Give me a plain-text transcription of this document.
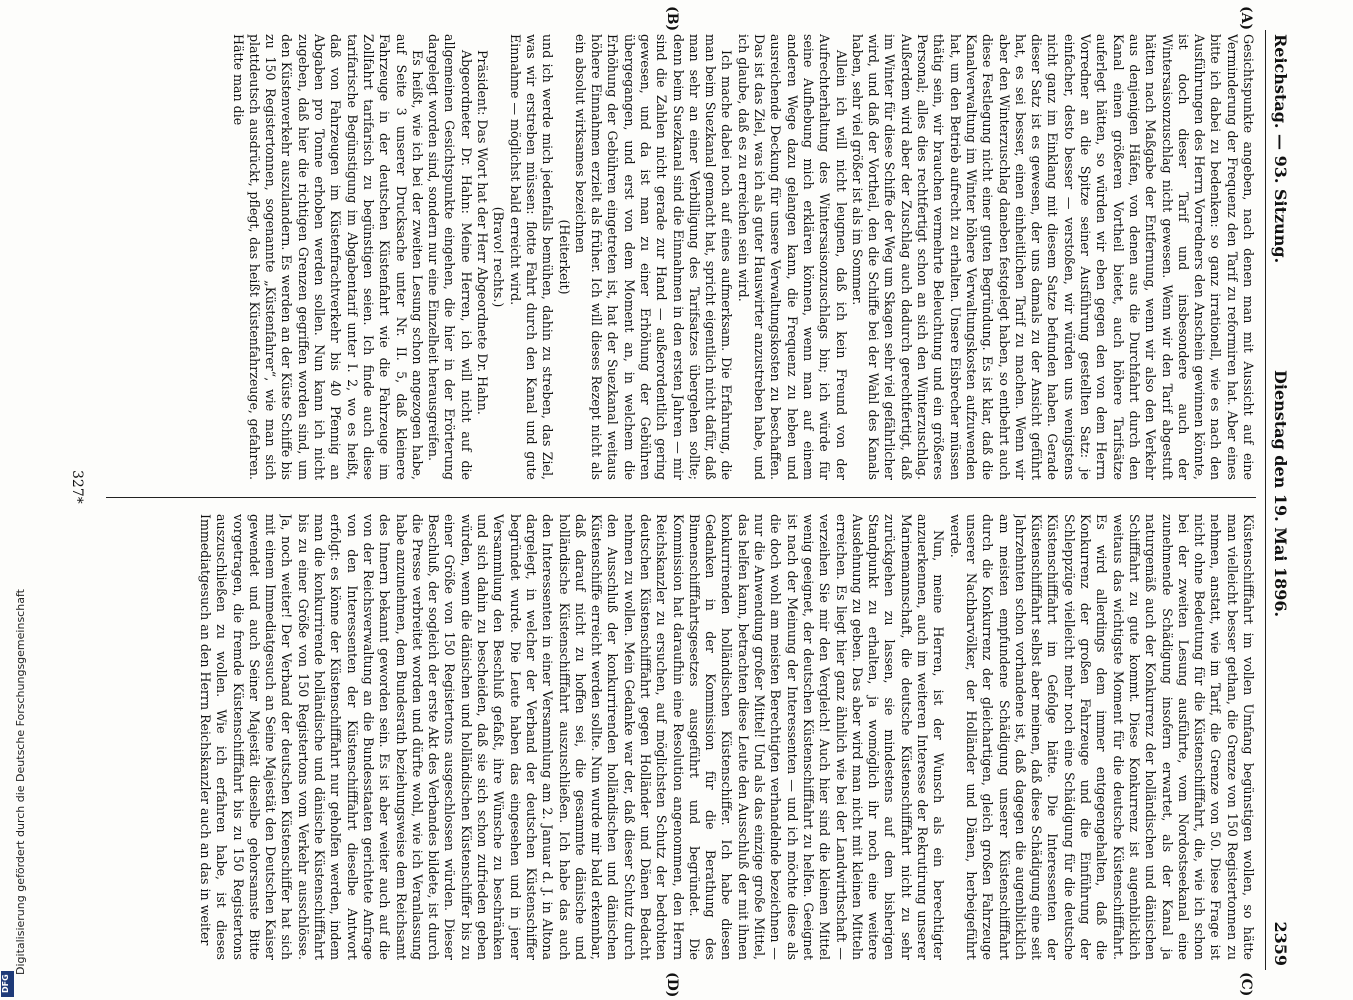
Digitalisierung gefördert durch die Deutsche Forschungsgemeinschaft
DFG
Reichstag. — 93. Sitzung.
Dienstag den 19. Mai 1896.
2359
(A)
(B)
(C)
(D)

Gesichtspunkte angeben, nach denen man mit Aussicht auf eine Verminderung der Frequenz den Tarif zu reformiren hat. Aber eines bitte ich dabei zu bedenken: so ganz irrationell, wie es nach den Ausführungen des Herrn Vorredners den Anschein gewinnen könnte, ist doch dieser Tarif und insbesondere auch der Wintersaisonzuschlag nicht gewesen. Wenn wir den Tarif abgestuft hätten nach Maßgabe der Entfernung, wenn wir also den Verkehr aus denjenigen Häfen, von denen aus die Durchfahrt durch den Kanal einen größeren Vortheil bietet, auch höhere Tarifsätze auferlegt hätten, so würden wir eben gegen den von dem Herrn Vorredner an die Spitze seiner Ausführung gestellten Satz: je einfacher, desto besser — verstoßen, wir würden uns wenigstens nicht ganz im Einklang mit diesem Satze befunden haben. Gerade dieser Satz ist es gewesen, der uns damals zu der Ansicht geführt hat, es sei besser, einen einheitlichen Tarif zu machen. Wenn wir aber den Winterzuschlag daneben festgelegt haben, so entbehrt auch diese Festlegung nicht einer guten Begründung. Es ist klar, daß die Kanalverwaltung im Winter höhere Verwaltungskosten aufzuwenden hat, um den Betrieb aufrecht zu erhalten. Unsere Eisbrecher müssen thätig sein, wir brauchen vermehrte Beleuchtung und ein größeres Personal; alles dies rechtfertigt schon an sich den Winterzuschlag. Außerdem wird aber der Zuschlag auch dadurch gerechtfertigt, daß im Winter für diese Schiffe der Weg um Skagen sehr viel gefährlicher wird, und daß der Vortheil, den die Schiffe bei der Wahl des Kanals haben, sehr viel größer ist als im Sommer.

Allein ich will nicht leugnen, daß ich kein Freund von der Aufrechterhaltung des Wintersaisonzuschlags bin; ich würde für seine Aufhebung mich erklären können, wenn man auf einem anderen Wege dazu gelangen kann, die Frequenz zu heben und ausreichende Deckung für unsere Verwaltungskosten zu beschaffen. Das ist das Ziel, was ich als guter Hauswirter anzustreben habe, und ich glaube, daß es zu erreichen sein wird.

Ich mache dabei noch auf eines aufmerksam. Die Erfahrung, die man beim Suezkanal gemacht hat, spricht eigentlich nicht dafür, daß man sehr an einer Verbilligung des Tarifsatzes übergehen sollte; denn beim Suezkanal sind die Einnahmen in den ersten Jahren — mir sind die Zahlen nicht gerade zur Hand — außerordentlich gering gewesen, und da ist man zu einer Erhöhung der Gebühren übergegangen, und erst von dem Moment an, in welchem die Erhöhung der Gebühren eingetreten ist, hat der Suezkanal weitaus höhere Einnahmen erzielt als früher. Ich will dieses Rezept nicht als ein absolut wirksames bezeichnen

(Heiterkeit)

und ich werde mich jedenfalls bemühen, dahin zu streben, das Ziel, was wir erstreben müssen: flotte Fahrt durch den Kanal und gute Einnahme — möglichst bald erreicht wird.

(Bravo! rechts.)

Präsident: Das Wort hat der Herr Abgeordnete Dr. Hahn.

Abgeordneter Dr. Hahn: Meine Herren, ich will nicht auf die allgemeinen Gesichtspunkte eingehen, die hier in der Erörterung dargelegt worden sind, sondern nur eine Einzelheit herausgreifen.

Es heißt, wie ich bei der zweiten Lesung schon angezogen habe, auf Seite 3 unserer Drucksache unter Nr. II. 5, daß kleinere Fahrzeuge in der deutschen Küstenfahrt wie die Fahrzeuge im Zollfahrt tarifarisch zu begünstigen seien. Ich finde auch diese tarifarische Begünstigung im Abgabentarif unter I. 2, wo es heißt, daß von Fahrzeugen im Küstenfrachtverkehr bis 40 Pfennig an Abgaben pro Tonne erhoben werden sollen. Nun kann ich nicht zugeben, daß hier die richtigen Grenzen gegriffen worden sind, um den Küstenverkehr auszulandern. Es werden an der Küste Schiffe bis zu 150 Registertonnen, sogenannte „Küstenfahrer“, wie man sich plattdeutsch ausdrückt, pflegt, das heißt Küstenfahrzeuge, gefahren. Hätte man die

Küstenschifffahrt im vollen Umfang begünstigen wollen, so hätte man vielleicht besser gethan, die Grenze von 150 Registertonnen zu nehmen, anstatt, wie im Tarif, die Grenze von 50. Diese Frage ist nicht ohne Bedeutung für die Küstenschifffahrt, die, wie ich schon bei der zweiten Lesung ausführte, vom Nordostseekanal eine zunehmende Schädigung insofern erwartet, als der Kanal ja naturgemäß auch der Konkurrenz der holländischen und dänischen Schifffahrt zu gute kommt. Diese Konkurrenz ist augenblicklich weitaus das wichtigste Moment für die deutsche Küstenschifffahrt. Es wird allerdings dem immer entgegengehalten, daß die Konkurrenz der großen Fahrzeuge und die Einführung der Schleppzüge vielleicht mehr noch eine Schädigung für die deutsche Küstenschifffahrt im Gefolge hätte. Die Interessenten der Küstenschifffahrt selbst aber meinen, daß diese Schädigung eine seit Jahrzehnten schon vorhandene ist, daß dagegen die augenblicklich am meisten empfundene Schädigung unserer Küstenschifffahrt durch die Konkurrenz der gleichartigen, gleich großen Fahrzeuge unserer Nachbarvölker, der Holländer und Dänen, herbeigeführt werde.

Nun, meine Herren, ist der Wunsch als ein berechtigter anzuerkennen, auch im weiteren Interesse der Rekrutirung unserer Marinemannschaft, die deutsche Küstenschifffahrt nicht zu sehr zurückgehen zu lassen, sie mindestens auf dem bisherigen Standpunkt zu erhalten, ja womöglich ihr noch eine weitere Ausdehnung zu geben. Das aber wird man nicht mit kleinen Mitteln erreichen. Es liegt hier ganz ähnlich wie bei der Landwirthschaft — verzeihen Sie mir den Vergleich! Auch hier sind die kleinen Mittel wenig geeignet, der deutschen Küstenschifffahrt zu helfen. Geeignet ist nach der Meinung der Interessenten — und ich möchte diese als die doch wohl am meisten Berechtigten verhandelnde bezeichnen — nur die Anwendung großer Mittel! Und als das einzige große Mittel, das helfen kann, betrachten diese Leute den Ausschluß der mit ihnen konkurrirenden holländischen Küstenschiffer. Ich habe diesen Gedanken in der Kommission für die Berathung des Binnenschifffahrtsgesetzes ausgeführt und begründet. Die Kommission hat daraufhin eine Resolution angenommen, den Herrn Reichskanzler zu ersuchen, auf möglichsten Schutz der bedrohten deutschen Küstenschifffahrt gegen Holländer und Dänen Bedacht nehmen zu wollen. Mein Gedanke war der, daß dieser Schutz durch den Ausschluß der konkurrirenden holländischen und dänischen Küstenschiffe erreicht werden sollte. Nun wurde mir bald erkennbar, daß darauf nicht zu hoffen sei, die gesammte dänische und holländische Küstenschifffahrt auszuschließen. Ich habe das auch den Interessenten in einer Versammlung am 2. Januar d. J. in Altona dargelegt, in welcher der Verband der deutschen Küstenschiffer begründet wurde. Die Leute haben das eingesehen und in jener Versammlung den Beschluß gefaßt, ihre Wünsche zu beschränken und sich dahin zu bescheiden, daß sie sich schon zufrieden geben würden, wenn die dänischen und holländischen Küstenschiffer bis zu einer Größe von 150 Registertons ausgeschlossen würden. Dieser Beschluß, der sogleich der erste Akt des Verbandes bildete, ist durch die Presse verbreitet worden und dürfte wohl, wie ich Veranlassung habe anzunehmen, dem Bundesrath beziehungsweise dem Reichsamt des Innern bekannt geworden sein. Es ist aber weiter auch auf die von der Reichsverwaltung an die Bundesstaaten gerichtete Anfrage von den Interessenten der Küstenschifffahrt dieselbe Antwort erfolgt: es könne der Küstenschifffahrt nur geholfen werden, indem man die konkurrirende holländische und dänische Küstenschifffahrt bis zu einer Größe von 150 Registertons vom Verkehr ausschlösse. Ja, noch weiter! Der Verband der deutschen Küstenschiffer hat sich mit einem Immediatgesuch an Seine Majestät den Deutschen Kaiser gewendet und auch Seiner Majestät dieselbe gehorsamste Bitte vorgetragen, die fremde Küstenschifffahrt bis zu 150 Registertons auszuschließen zu wollen. Wie ich erfahren habe, ist dieses Immediatgesuch an den Herrn Reichskanzler auch an das in weiter

327*
